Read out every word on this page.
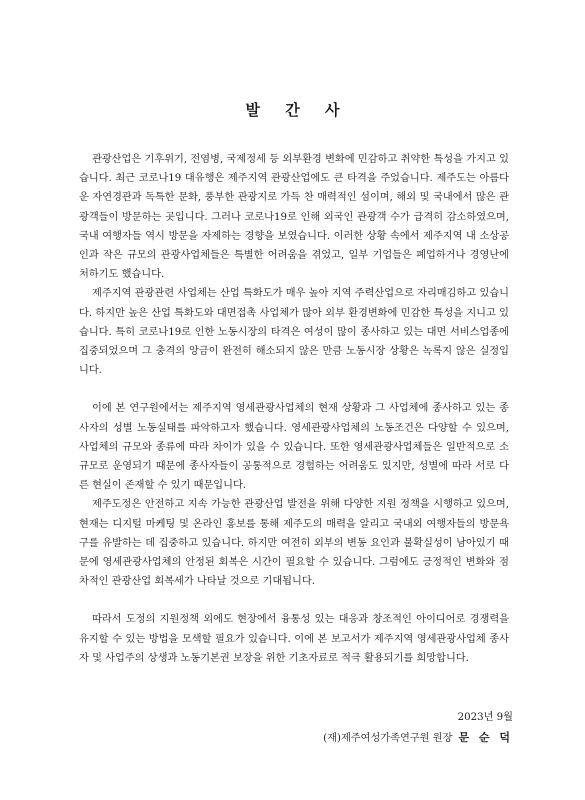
발 간 사

관광산업은 기후위기, 전염병, 국제정세 등 외부환경 변화에 민감하고 취약한 특성을 가지고 있습니다. 최근 코로나19 대유행은 제주지역 관광산업에도 큰 타격을 주었습니다. 제주도는 아름다운 자연경관과 독특한 문화, 풍부한 관광지로 가득 찬 매력적인 섬이며, 해외 및 국내에서 많은 관광객들이 방문하는 곳입니다. 그러나 코로나19로 인해 외국인 관광객 수가 급격히 감소하였으며, 국내 여행자들 역시 방문을 자제하는 경향을 보였습니다. 이러한 상황 속에서 제주지역 내 소상공인과 작은 규모의 관광사업체들은 특별한 어려움을 겪었고, 일부 기업들은 폐업하거나 경영난에 처하기도 했습니다.

제주지역 관광관련 사업체는 산업 특화도가 매우 높아 지역 주력산업으로 자리매김하고 있습니다. 하지만 높은 산업 특화도와 대면접촉 사업체가 많아 외부 환경변화에 민감한 특성을 지니고 있습니다. 특히 코로나19로 인한 노동시장의 타격은 여성이 많이 종사하고 있는 대면 서비스업종에 집중되었으며 그 충격의 앙금이 완전히 해소되지 않은 만큼 노동시장 상황은 녹록지 않은 실정입니다.

이에 본 연구원에서는 제주지역 영세관광사업체의 현재 상황과 그 사업체에 종사하고 있는 종사자의 성별 노동실태를 파악하고자 했습니다. 영세관광사업체의 노동조건은 다양할 수 있으며, 사업체의 규모와 종류에 따라 차이가 있을 수 있습니다. 또한 영세관광사업체들은 일반적으로 소규모로 운영되기 때문에 종사자들이 공통적으로 경험하는 어려움도 있지만, 성별에 따라 서로 다른 현실이 존재할 수 있기 때문입니다.

제주도정은 안전하고 지속 가능한 관광산업 발전을 위해 다양한 지원 정책을 시행하고 있으며, 현재는 디지털 마케팅 및 온라인 홍보를 통해 제주도의 매력을 알리고 국내외 여행자들의 방문욕구를 유발하는 데 집중하고 있습니다. 하지만 여전히 외부의 변동 요인과 불확실성이 남아있기 때문에 영세관광사업체의 안정된 회복은 시간이 필요할 수 있습니다. 그럼에도 긍정적인 변화와 점차적인 관광산업 회복세가 나타날 것으로 기대됩니다.

따라서 도정의 지원정책 외에도 현장에서 융통성 있는 대응과 창조적인 아이디어로 경쟁력을 유지할 수 있는 방법을 모색할 필요가 있습니다. 이에 본 보고서가 제주지역 영세관광사업체 종사자 및 사업주의 상생과 노동기본권 보장을 위한 기초자료로 적극 활용되기를 희망합니다.

2023년 9월
(재)제주여성가족연구원 원장 문 순 덕
